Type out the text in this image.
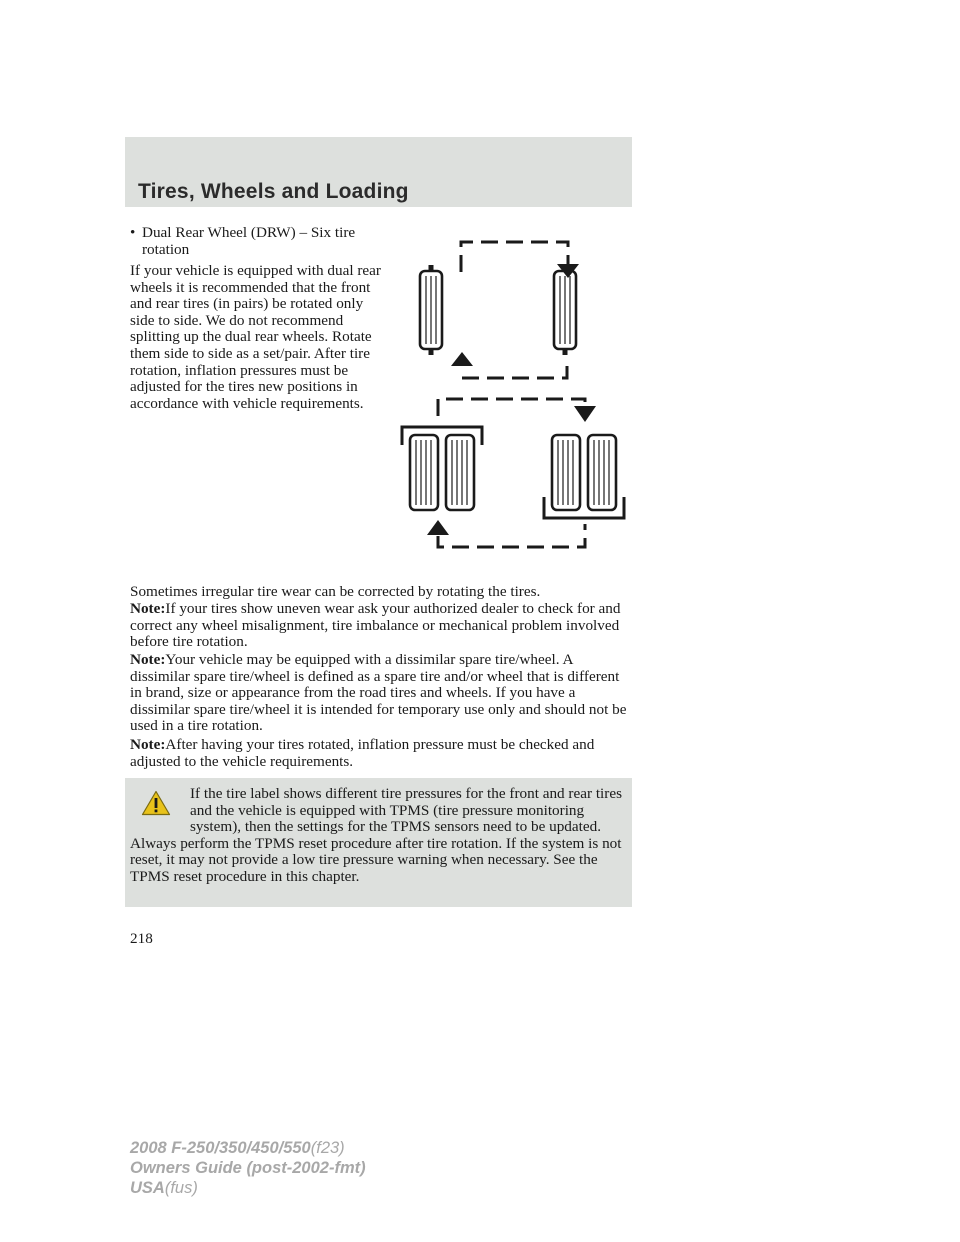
Tires, Wheels and Loading
• Dual Rear Wheel (DRW) – Six tire rotation
If your vehicle is equipped with dual rear wheels it is recommended that the front and rear tires (in pairs) be rotated only side to side. We do not recommend splitting up the dual rear wheels. Rotate them side to side as a set/pair. After tire rotation, inflation pressures must be adjusted for the tires new positions in accordance with vehicle requirements.
Sometimes irregular tire wear can be corrected by rotating the tires.
Note:If your tires show uneven wear ask your authorized dealer to check for and correct any wheel misalignment, tire imbalance or mechanical problem involved before tire rotation.
Note:Your vehicle may be equipped with a dissimilar spare tire/wheel. A dissimilar spare tire/wheel is defined as a spare tire and/or wheel that is different in brand, size or appearance from the road tires and wheels. If you have a dissimilar spare tire/wheel it is intended for temporary use only and should not be used in a tire rotation.
Note:After having your tires rotated, inflation pressure must be checked and adjusted to the vehicle requirements.
If the tire label shows different tire pressures for the front and rear tires and the vehicle is equipped with TPMS (tire pressure monitoring system), then the settings for the TPMS sensors need to be updated. Always perform the TPMS reset procedure after tire rotation. If the system is not reset, it may not provide a low tire pressure warning when necessary. See the TPMS reset procedure in this chapter.
218
2008 F-250/350/450/550(f23)
Owners Guide (post-2002-fmt)
USA(fus)
